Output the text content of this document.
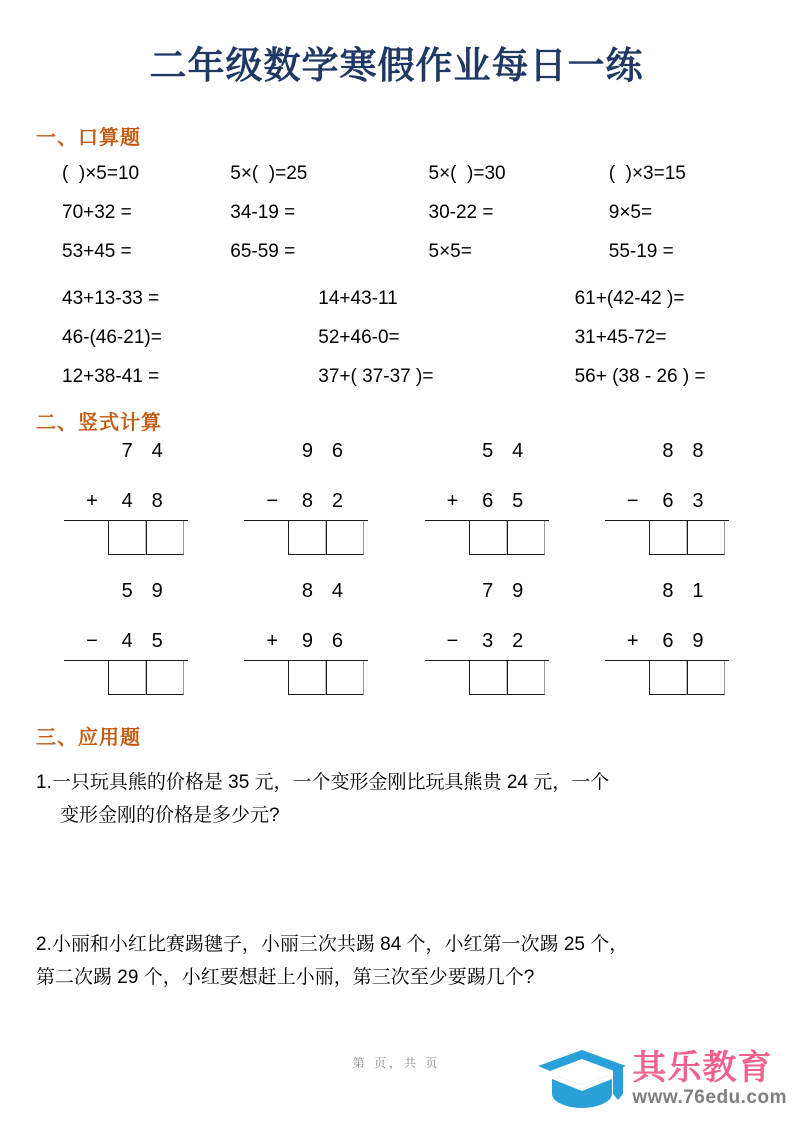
二年级数学寒假作业每日一练
一、口算题
(  )×5=10	5×(  )=25	5×(  )=30	(  )×3=15
70+32 =	34-19 =	30-22 =	9×5=
53+45 =	65-59 =	5×5=	55-19 =
43+13-33 =	14+43-11	61+(42-42 )=
46-(46-21)=	52+46-0=	31+45-72=
12+38-41 =	37+( 37-37 )=	56+ (38 - 26 ) =
二、竖式计算
7 4
+	4 8
9 6
−	8 2
5 4
+	6 5
8 8
−	6 3
5 9
−	4 5
8 4
+	9 6
7 9
−	3 2
8 1
+	6 9
三、应用题
1.一只玩具熊的价格是 35 元，一个变形金刚比玩具熊贵 24 元，一个
变形金刚的价格是多少元?
2.小丽和小红比赛踢毽子，小丽三次共踢 84 个，小红第一次踢 25 个，
第二次踢 29 个，小红要想赶上小丽，第三次至少要踢几个?
第 页，共 页	其乐教育
www.76edu.com
